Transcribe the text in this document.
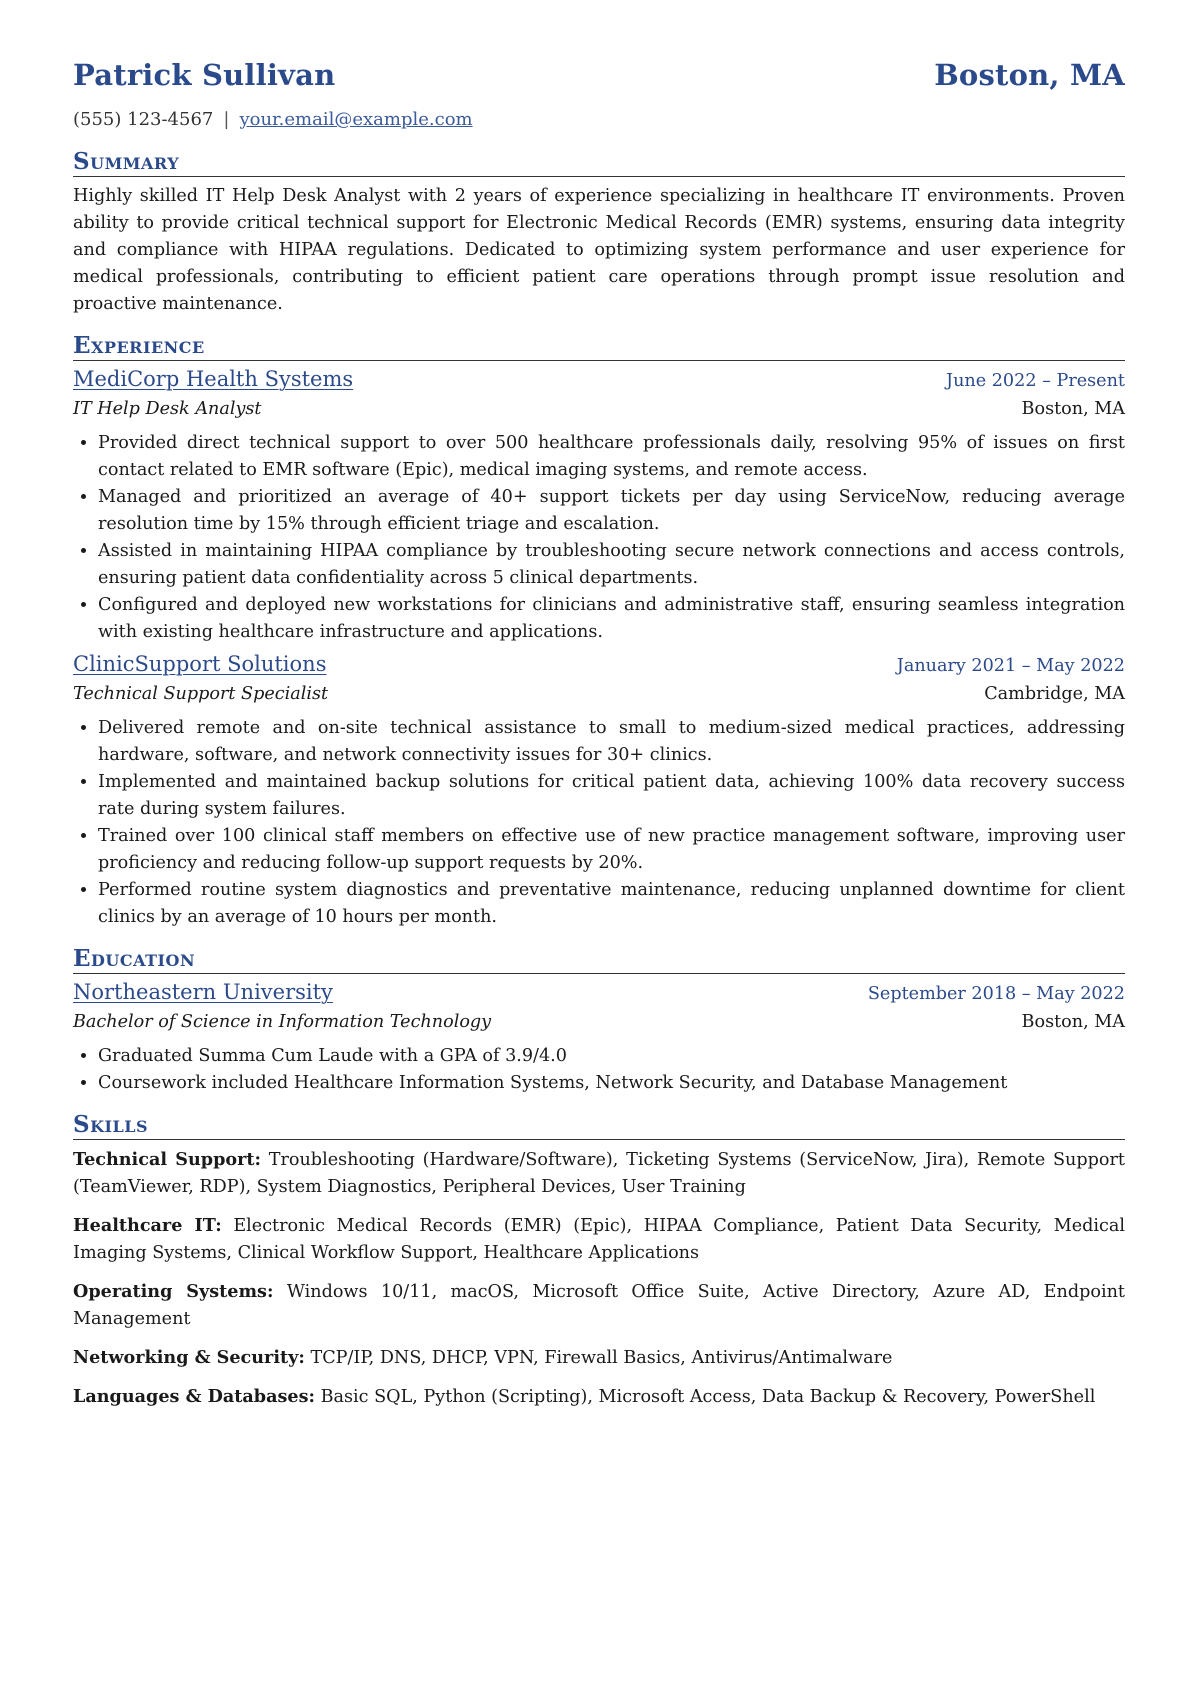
Patrick Sullivan	Boston, MA
(555) 123-4567 | your.email@example.com
Summary
Highly skilled IT Help Desk Analyst with 2 years of experience specializing in healthcare IT environments. Proven ability to provide critical technical support for Electronic Medical Records (EMR) systems, ensuring data integrity and compliance with HIPAA regulations. Dedicated to optimizing system performance and user experience for medical professionals, contributing to efficient patient care operations through prompt issue resolution and proactive maintenance.
Experience
MediCorp Health Systems	June 2022 – Present
IT Help Desk Analyst	Boston, MA
• Provided direct technical support to over 500 healthcare professionals daily, resolving 95% of issues on first contact related to EMR software (Epic), medical imaging systems, and remote access.
• Managed and prioritized an average of 40+ support tickets per day using ServiceNow, reducing average resolution time by 15% through efficient triage and escalation.
• Assisted in maintaining HIPAA compliance by troubleshooting secure network connections and access controls, ensuring patient data confidentiality across 5 clinical departments.
• Configured and deployed new workstations for clinicians and administrative staff, ensuring seamless integration with existing healthcare infrastructure and applications.
ClinicSupport Solutions	January 2021 – May 2022
Technical Support Specialist	Cambridge, MA
• Delivered remote and on-site technical assistance to small to medium-sized medical practices, addressing hardware, software, and network connectivity issues for 30+ clinics.
• Implemented and maintained backup solutions for critical patient data, achieving 100% data recovery success rate during system failures.
• Trained over 100 clinical staff members on effective use of new practice management software, improving user proficiency and reducing follow-up support requests by 20%.
• Performed routine system diagnostics and preventative maintenance, reducing unplanned downtime for client clinics by an average of 10 hours per month.
Education
Northeastern University	September 2018 – May 2022
Bachelor of Science in Information Technology	Boston, MA
• Graduated Summa Cum Laude with a GPA of 3.9/4.0
• Coursework included Healthcare Information Systems, Network Security, and Database Management
Skills
Technical Support: Troubleshooting (Hardware/Software), Ticketing Systems (ServiceNow, Jira), Remote Support (TeamViewer, RDP), System Diagnostics, Peripheral Devices, User Training
Healthcare IT: Electronic Medical Records (EMR) (Epic), HIPAA Compliance, Patient Data Security, Medical Imaging Systems, Clinical Workflow Support, Healthcare Applications
Operating Systems: Windows 10/11, macOS, Microsoft Office Suite, Active Directory, Azure AD, Endpoint Management
Networking & Security: TCP/IP, DNS, DHCP, VPN, Firewall Basics, Antivirus/Antimalware
Languages & Databases: Basic SQL, Python (Scripting), Microsoft Access, Data Backup & Recovery, PowerShell
